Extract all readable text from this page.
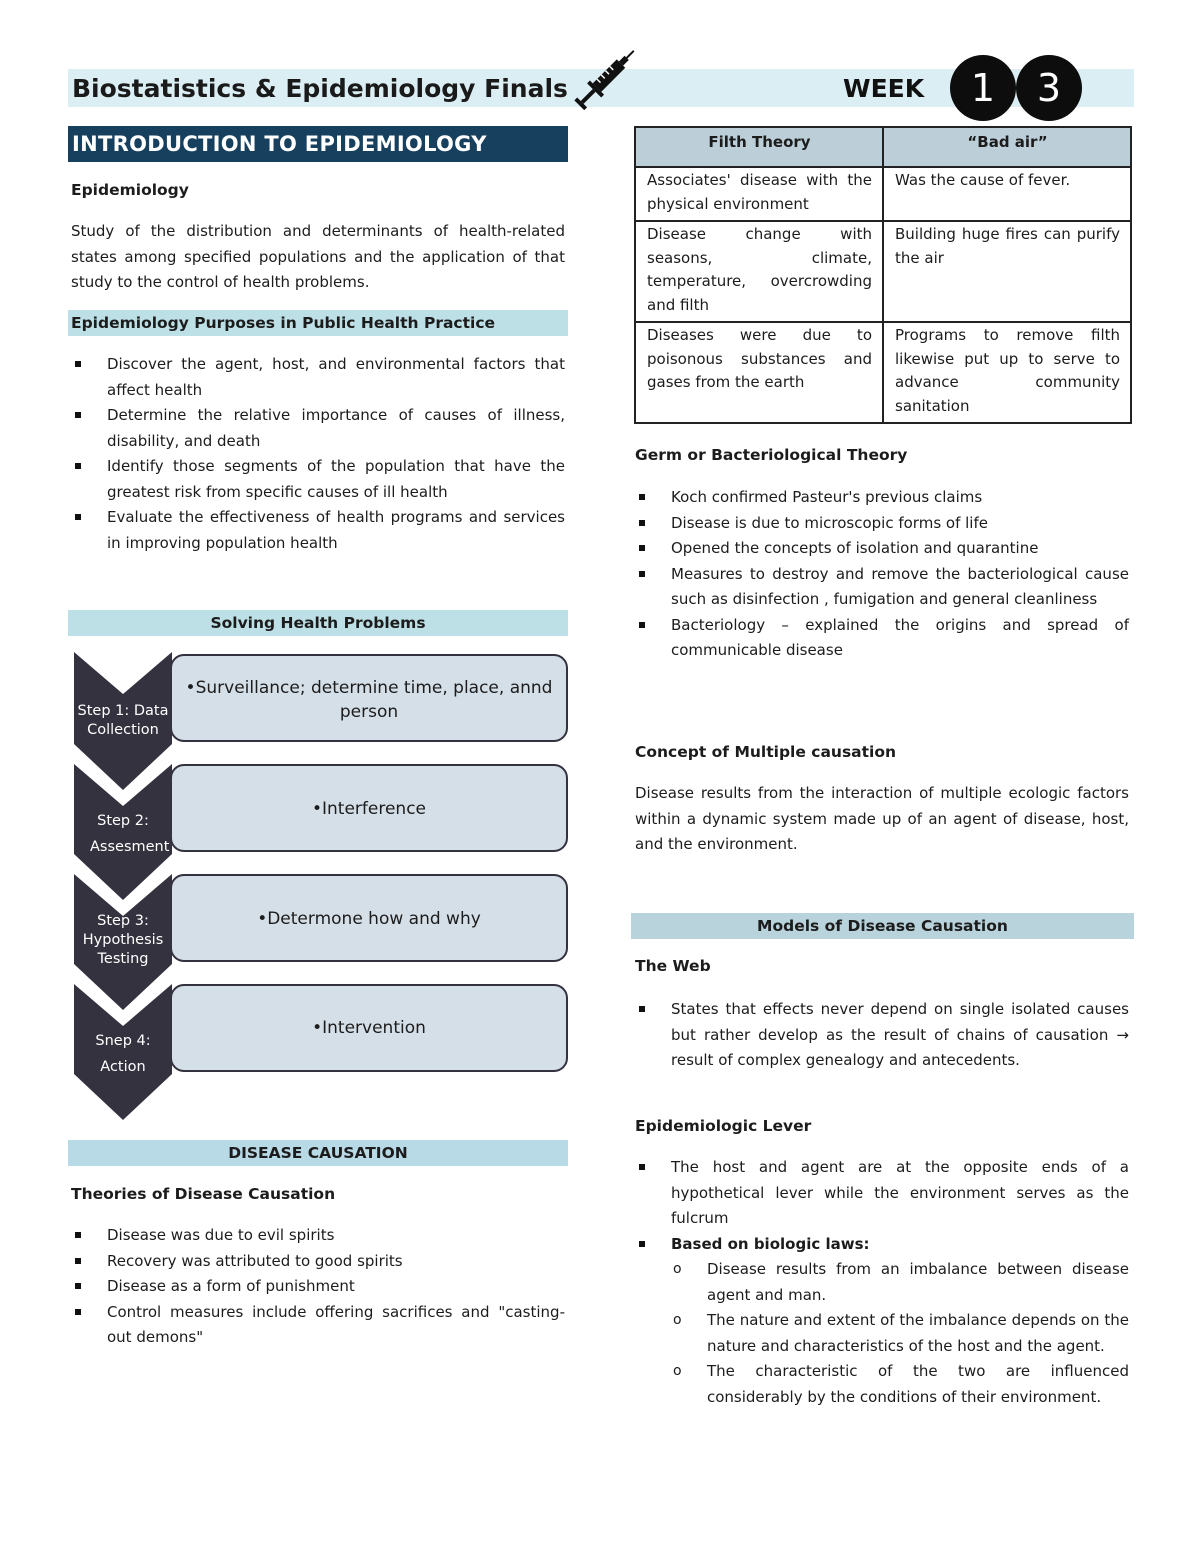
Biostatistics & Epidemiology Finals	WEEK	1	3
INTRODUCTION TO EPIDEMIOLOGY
Epidemiology
Study of the distribution and determinants of health-related states among specified populations and the application of that study to the control of health problems.
Epidemiology Purposes in Public Health Practice
Discover the agent, host, and environmental factors that affect health
Determine the relative importance of causes of illness, disability, and death
Identify those segments of the population that have the greatest risk from specific causes of ill health
Evaluate the effectiveness of health programs and services in improving population health
Solving Health Problems
•Surveillance; determine time, place, annd person
•Interference
•Determone how and why
•Intervention
Step 1: Data Collection
Step 2: Assesment
Step 3: Hypothesis Testing
Snep 4: Action
DISEASE CAUSATION
Theories of Disease Causation
Disease was due to evil spirits
Recovery was attributed to good spirits
Disease as a form of punishment
Control measures include offering sacrifices and "casting-out demons"
Filth Theory	“Bad air”
Associates' disease with the physical environment	Was the cause of fever.
Disease change with seasons, climate, temperature, overcrowding and filth	Building huge fires can purify the air
Diseases were due to poisonous substances and gases from the earth	Programs to remove filth likewise put up to serve to advance community sanitation
Germ or Bacteriological Theory
Koch confirmed Pasteur's previous claims
Disease is due to microscopic forms of life
Opened the concepts of isolation and quarantine
Measures to destroy and remove the bacteriological cause such as disinfection , fumigation and general cleanliness
Bacteriology – explained the origins and spread of communicable disease
Concept of Multiple causation
Disease results from the interaction of multiple ecologic factors within a dynamic system made up of an agent of disease, host, and the environment.
Models of Disease Causation
The Web
States that effects never depend on single isolated causes but rather develop as the result of chains of causation → result of complex genealogy and antecedents.
Epidemiologic Lever
The host and agent are at the opposite ends of a hypothetical lever while the environment serves as the fulcrum
Based on biologic laws:
o Disease results from an imbalance between disease agent and man.
o The nature and extent of the imbalance depends on the nature and characteristics of the host and the agent.
o The characteristic of the two are influenced considerably by the conditions of their environment.
